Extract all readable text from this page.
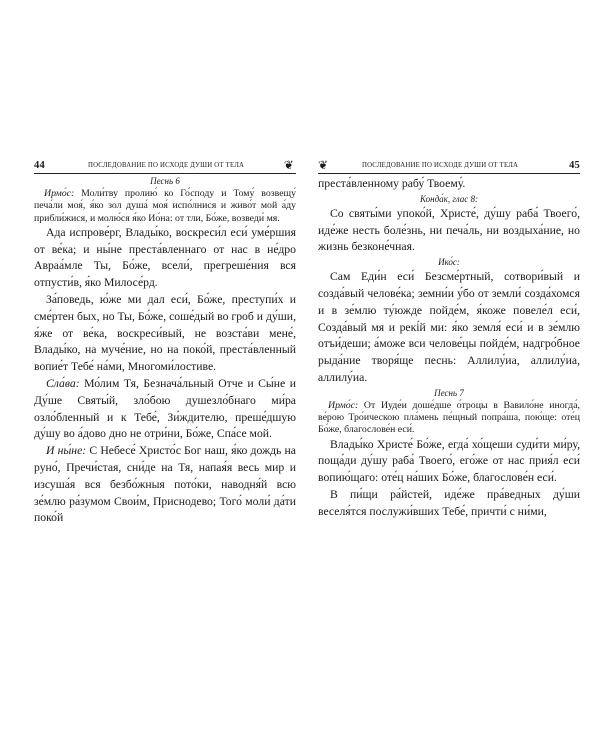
44	ПОСЛЕДОВАНИЕ ПО ИСХОДЕ ДУШИ ОТ ТЕЛА	❦
Песнь 6

Ирмо́с: Моли́тву пролию́ ко Го́споду и Тому́ возвещу́ печа́ли моя́, я́ко зол душа́ моя́ испо́лнися и живо́т мой а́ду прибли́жися, и молю́ся я́ко Ио́на: от тли, Бо́же, возведи́ мя.

Ада испрове́рг, Влады́ко, воскреси́л еси́ уме́ршия от ве́ка; и ны́не преста́вленнаго от нас в не́дро Авраа́мле Ты, Бо́же, всели́, прегреше́ния вся отпусти́в, я́ко Милосе́рд.

За́поведь, ю́же ми дал еси́, Бо́же, преступи́х и сме́ртен бых, но Ты, Бо́же, соше́дый во гроб и ду́ши, я́же от ве́ка, воскреси́вый, не возста́ви мене́, Влады́ко, на муче́ние, но на поко́й, преста́вленный вопие́т Тебе́ на́ми, Многоми́лостиве.

Сла́ва: Мо́лим Тя, Безнача́льный Отче и Сы́не и Ду́ше Святы́й, зло́бою душезло́бнаго ми́ра озло́бленный и к Тебе́, Зи́ждителю, преше́дшую ду́шу во а́дово дно не отри́ни, Бо́же, Спа́се мой.

И ны́не: С Небесе́ Христо́с Бог наш, я́ко дождь на руно́, Пречи́стая, сни́де на Тя, напая́я весь мир и изсуша́я вся безбо́жныя пото́ки, наводня́й всю зе́млю ра́зумом Свои́м, Приснодево; Того́ моли́ да́ти поко́й

❦	ПОСЛЕДОВАНИЕ ПО ИСХОДЕ ДУШИ ОТ ТЕЛА	45

преста́вленному рабу́ Твоему́.

Конда́к, глас 8:

Со святы́ми упоко́й, Христе́, ду́шу раба́ Твоего́, иде́же несть боле́знь, ни печа́ль, ни воздыха́ние, но жизнь безконе́чная.

Ико́с:

Сам Еди́н еси́ Безсме́ртный, сотвори́вый и созда́вый челове́ка; земни́и у́бо от земли́ созда́хомся и в зе́млю ту́южде пойде́м, я́коже повеле́л еси́, Созда́вый мя и рекі́й ми: я́ко земля́ еси́ и в зе́млю отъи́деши; а́може вси челове́цы пойде́м, надгро́бное рыда́ние творя́ще песнь: Аллилу́иа, аллилу́иа, аллилу́иа.

Песнь 7

Ирмо́с: От Иуде́и доше́дше о́троцы в Вавило́не иногда́, ве́рою Тро́ическою пла́мень пе́щный попра́ша, пою́ще: оте́ц Бо́же, благослове́н еси́.

Влады́ко Христе́ Бо́же, егда́ хо́щеши суди́ти ми́ру, поща́ди ду́шу раба́ Твоего́, его́же от нас прия́л еси́ вопию́щаго: оте́ц на́ших Бо́же, благослове́н еси́.

В пи́щи ра́йстей, иде́же пра́ведных ду́ши веселя́тся послужи́вших Тебе́, причти́ с ни́ми,
